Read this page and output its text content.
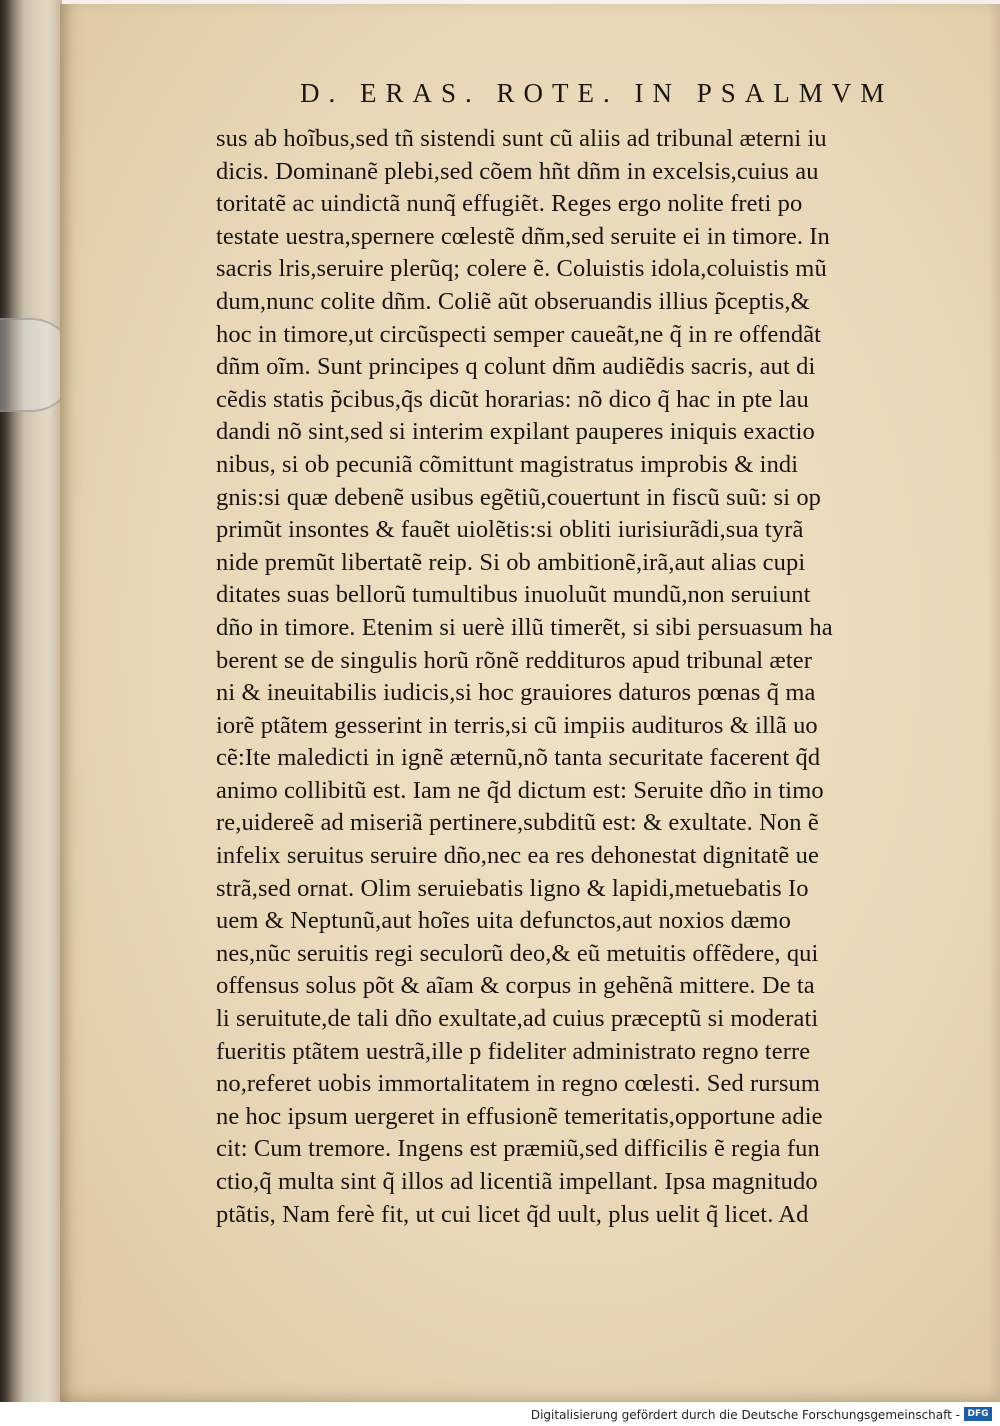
D. ERAS. ROTE. IN PSALMVM
sus ab hoĩbus,sed tñ sistendi sunt cũ aliis ad tribunal æterni iu
dicis. Dominanẽ plebi,sed cõem hñt dñm in excelsis,cuius au
toritatẽ ac uindictã nunq̃ effugiẽt. Reges ergo nolite freti po
testate uestra,spernere cœlestẽ dñm,sed seruite ei in timore. In
sacris lris,seruire plerũq; colere ẽ. Coluistis idola,coluistis mũ
dum,nunc colite dñm. Coliẽ aũt obseruandis illius p̃ceptis,&
hoc in timore,ut circũspecti semper caueãt,ne q̃ in re offendãt
dñm oĩm. Sunt principes q colunt dñm audiẽdis sacris, aut di
cẽdis statis p̃cibus,q̃s dicũt horarias: nõ dico q̃ hac in pte lau
dandi nõ sint,sed si interim expilant pauperes iniquis exactio
nibus, si ob pecuniã cõmittunt magistratus improbis & indi
gnis:si quæ debenẽ usibus egẽtiũ,couertunt in fiscũ suũ: si op
primũt insontes & fauẽt uiolẽtis:si obliti iurisiurãdi,sua tyrã
nide premũt libertatẽ reip. Si ob ambitionẽ,irã,aut alias cupi
ditates suas bellorũ tumultibus inuoluũt mundũ,non seruiunt
dño in timore. Etenim si uerè illũ timerẽt, si sibi persuasum ha
berent se de singulis horũ rõnẽ reddituros apud tribunal æter
ni & ineuitabilis iudicis,si hoc grauiores daturos pœnas q̃ ma
iorẽ ptãtem gesserint in terris,si cũ impiis audituros & illã uo
cẽ:Ite maledicti in ignẽ æternũ,nõ tanta securitate facerent q̃d
animo collibitũ est. Iam ne q̃d dictum est: Seruite dño in timo
re,uidereẽ ad miseriã pertinere,subditũ est: & exultate. Non ẽ
infelix seruitus seruire dño,nec ea res dehonestat dignitatẽ ue
strã,sed ornat. Olim seruiebatis ligno & lapidi,metuebatis Io
uem & Neptunũ,aut hoĩes uita defunctos,aut noxios dæmo
nes,nũc seruitis regi seculorũ deo,& eũ metuitis offẽdere, qui
offensus solus põt & aĩam & corpus in gehẽnã mittere. De ta
li seruitute,de tali dño exultate,ad cuius præceptũ si moderati
fueritis ptãtem uestrã,ille p fideliter administrato regno terre
no,referet uobis immortalitatem in regno cœlesti. Sed rursum
ne hoc ipsum uergeret in effusionẽ temeritatis,opportune adie
cit: Cum tremore. Ingens est præmiũ,sed difficilis ẽ regia fun
ctio,q̃ multa sint q̃ illos ad licentiã impellant. Ipsa magnitudo
ptãtis, Nam ferè fit, ut cui licet q̃d uult, plus uelit q̃ licet. Ad
Digitalisierung gefördert durch die Deutsche Forschungsgemeinschaft - DFG
